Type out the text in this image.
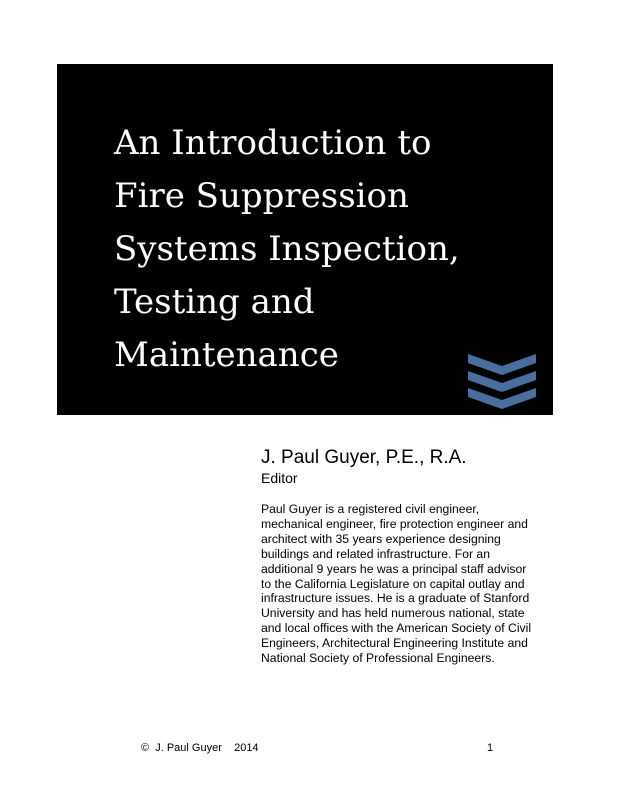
An Introduction to
Fire Suppression
Systems Inspection,
Testing and
Maintenance
J. Paul Guyer, P.E., R.A.
Editor
Paul Guyer is a registered civil engineer,
mechanical engineer, fire protection engineer and
architect with 35 years experience designing
buildings and related infrastructure. For an
additional 9 years he was a principal staff advisor
to the California Legislature on capital outlay and
infrastructure issues. He is a graduate of Stanford
University and has held numerous national, state
and local offices with the American Society of Civil
Engineers, Architectural Engineering Institute and
National Society of Professional Engineers.
©  J. Paul Guyer    2014	1
